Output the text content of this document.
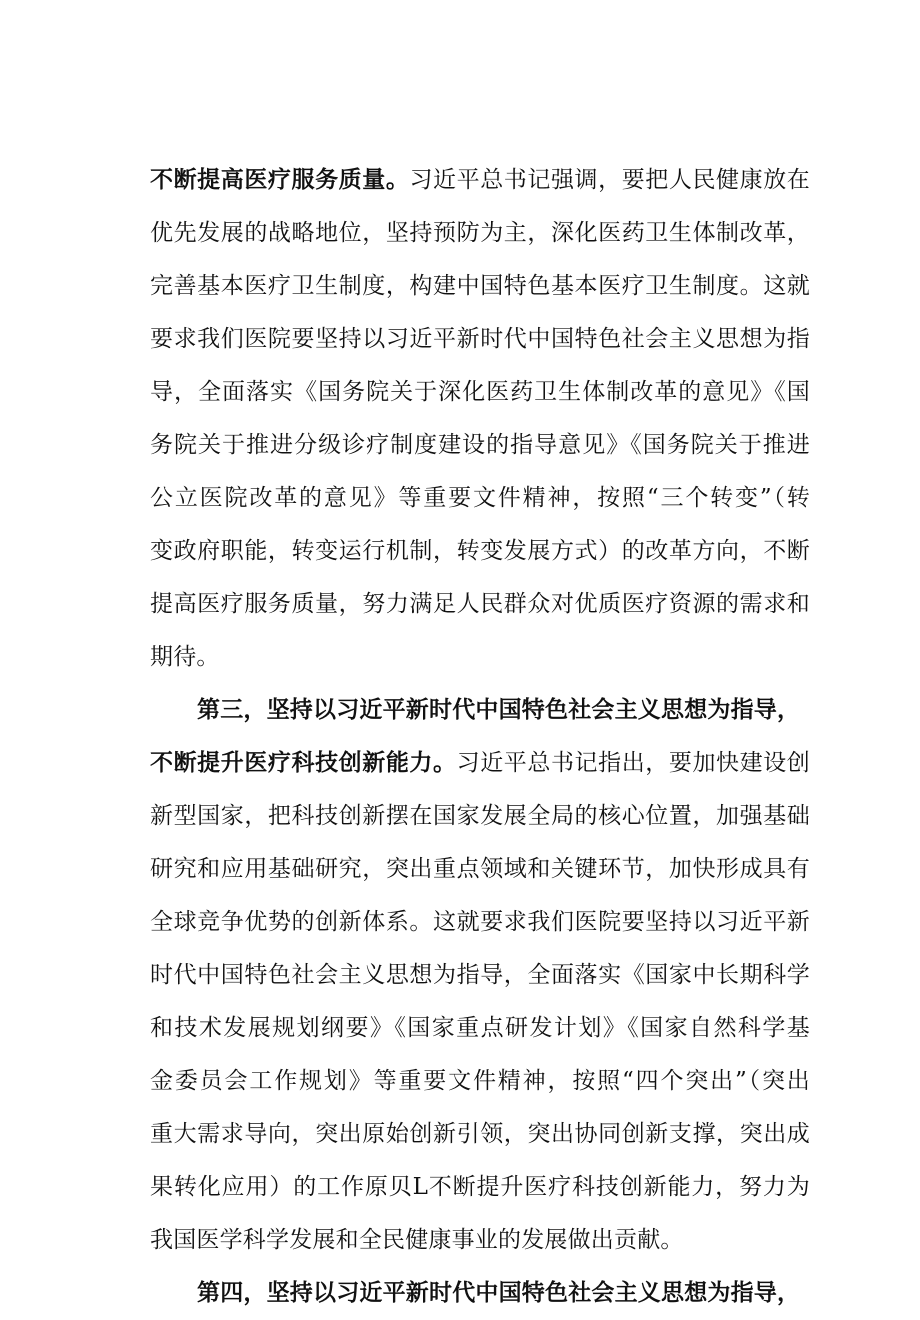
不断提高医疗服务质量。习近平总书记强调，要把人民健康放在
优先发展的战略地位，坚持预防为主，深化医药卫生体制改革，
完善基本医疗卫生制度，构建中国特色基本医疗卫生制度。这就
要求我们医院要坚持以习近平新时代中国特色社会主义思想为指
导，全面落实《国务院关于深化医药卫生体制改革的意见》《国
务院关于推进分级诊疗制度建设的指导意见》《国务院关于推进
公立医院改革的意见》等重要文件精神，按照“三个转变”（转
变政府职能，转变运行机制，转变发展方式）的改革方向，不断
提高医疗服务质量，努力满足人民群众对优质医疗资源的需求和
期待。
第三，坚持以习近平新时代中国特色社会主义思想为指导，
不断提升医疗科技创新能力。习近平总书记指出，要加快建设创
新型国家，把科技创新摆在国家发展全局的核心位置，加强基础
研究和应用基础研究，突出重点领域和关键环节，加快形成具有
全球竞争优势的创新体系。这就要求我们医院要坚持以习近平新
时代中国特色社会主义思想为指导，全面落实《国家中长期科学
和技术发展规划纲要》《国家重点研发计划》《国家自然科学基
金委员会工作规划》等重要文件精神，按照“四个突出”（突出
重大需求导向，突出原始创新引领，突出协同创新支撑，突出成
果转化应用）的工作原贝L不断提升医疗科技创新能力，努力为
我国医学科学发展和全民健康事业的发展做出贡献。
第四，坚持以习近平新时代中国特色社会主义思想为指导，
